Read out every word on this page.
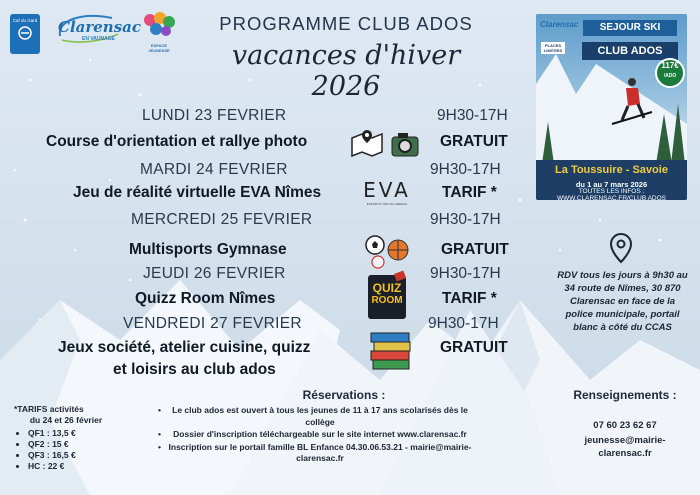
Caf du Gard Clarensac
EN VAUNAGE
ESPACE JEUNESSE
PROGRAMME CLUB ADOS
vacances d'hiver 2026
SEJOUR SKI
Clarensac
PLACES LIMITEES	CLUB ADOS
117€
/ADO
La Toussuire - Savoie
du 1 au 7 mars 2026
TOUTES LES INFOS :
WWW.CLARENSAC.FR/CLUB ADOS
LUNDI 23 FEVRIER	9H30-17H
Course d'orientation et rallye photo	GRATUIT
MARDI 24 FEVRIER	9H30-17H
Jeu de réalité virtuelle EVA Nîmes	TARIF *
EVA
ESPORTS VIRTUAL ARENAS
MERCREDI 25 FEVRIER	9H30-17H
Multisports Gymnase	GRATUIT
JEUDI 26 FEVRIER	9H30-17H
Quizz Room Nîmes	TARIF *
QUIZ
ROOM
VENDREDI 27 FEVRIER	9H30-17H
Jeux société, atelier cuisine, quizz
et loisirs au club ados
GRATUIT
RDV tous les jours à 9h30 au 34 route de Nîmes, 30 870 Clarensac en face de la police municipale, portail blanc à côté du CCAS
*TARIFS activités
du 24 et 26 février
• QF1 : 13,5 €
• QF2 : 15 €
• QF3 : 16,5 €
• HC : 22 €
Réservations :
• Le club ados est ouvert à tous les jeunes de 11 à 17 ans scolarisés dès le collège
• Dossier d'inscription téléchargeable sur le site internet www.clarensac.fr
• Inscription sur le portail famille BL Enfance 04.30.06.53.21 - mairie@mairie-clarensac.fr
Renseignements :
07 60 23 62 67
jeunesse@mairie-
clarensac.fr
